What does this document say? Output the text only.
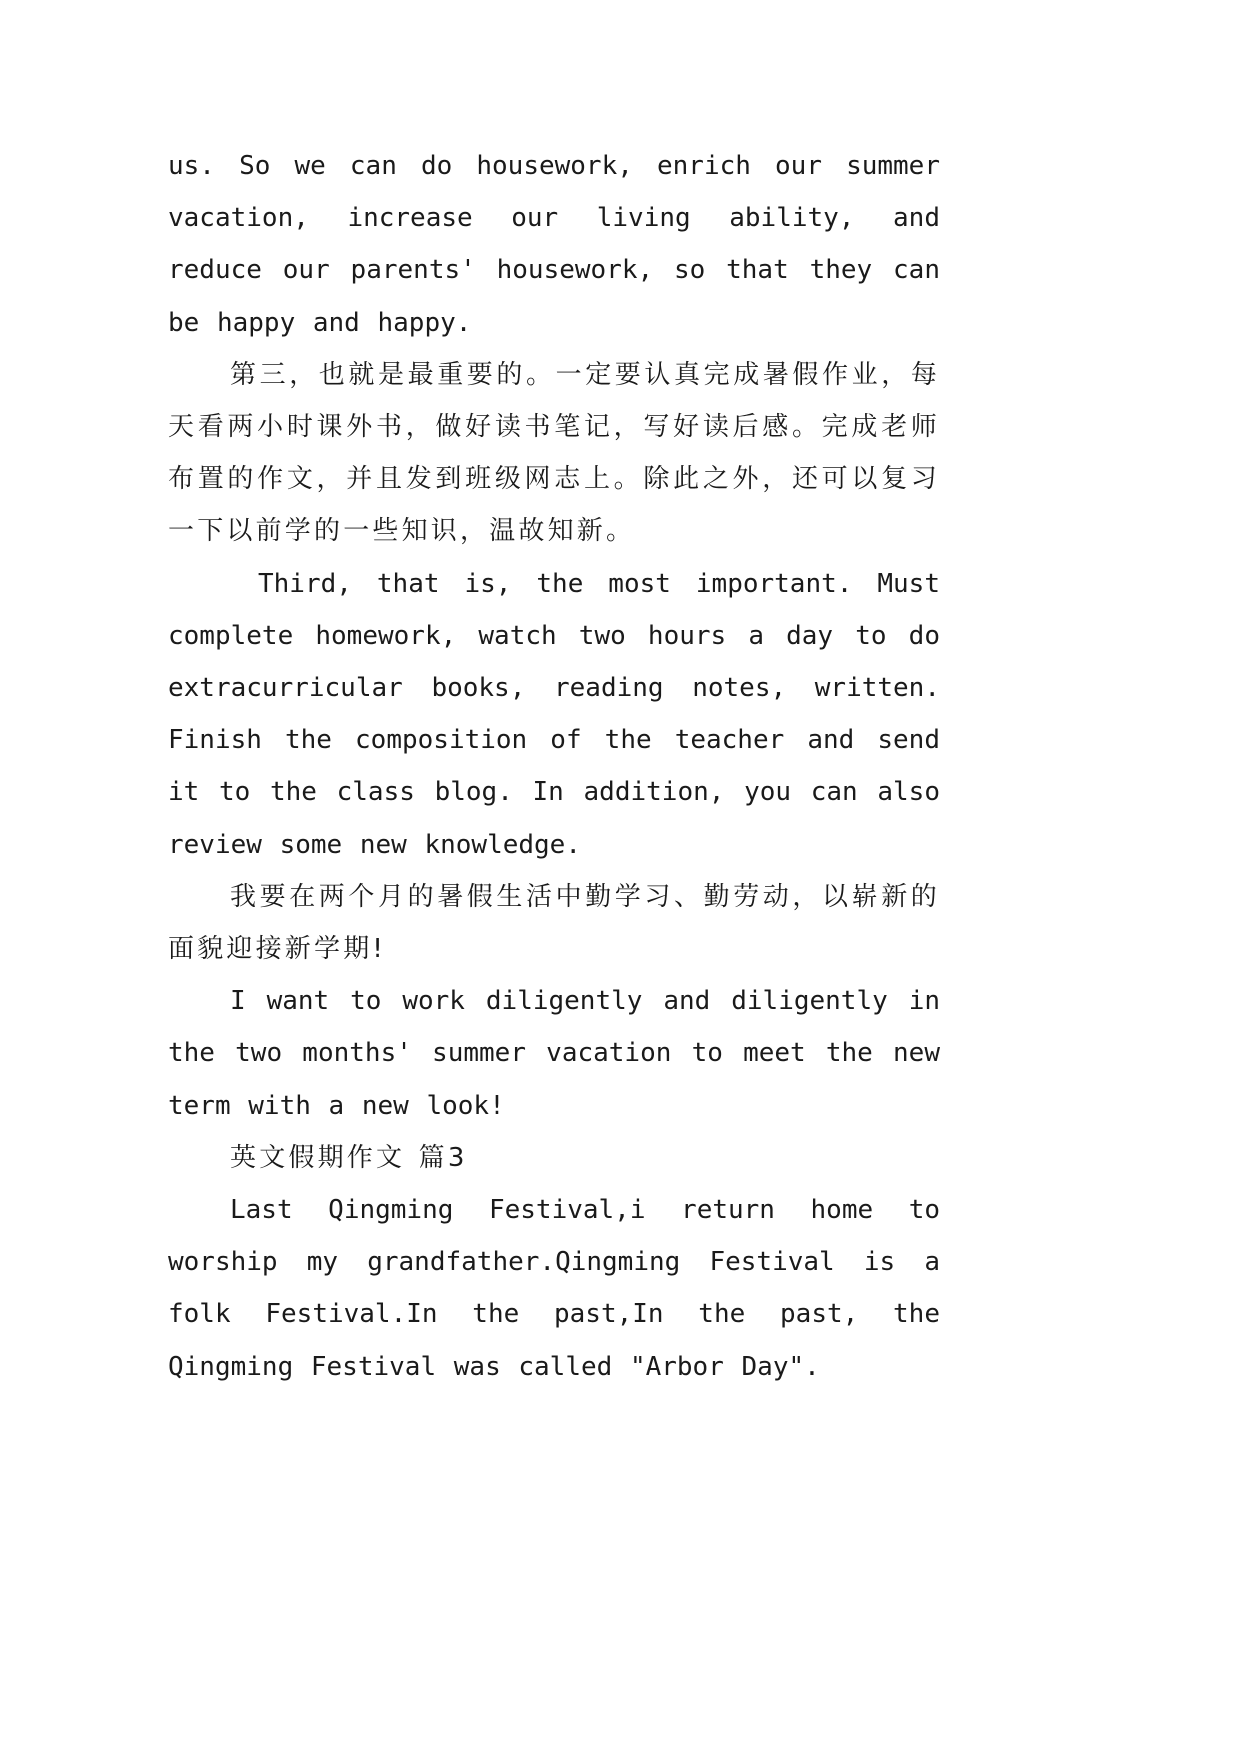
us. So we can do housework, enrich our summer vacation, increase our living ability, and reduce our parents' housework, so that they can be happy and happy.

第三，也就是最重要的。一定要认真完成暑假作业，每天看两小时课外书，做好读书笔记，写好读后感。完成老师布置的作文，并且发到班级网志上。除此之外，还可以复习一下以前学的一些知识，温故知新。

Third, that is, the most important. Must complete homework, watch two hours a day to do extracurricular books, reading notes, written. Finish the composition of the teacher and send it to the class blog. In addition, you can also review some new knowledge.

我要在两个月的暑假生活中勤学习、勤劳动，以崭新的面貌迎接新学期!

I want to work diligently and diligently in the two months' summer vacation to meet the new term with a new look!

英文假期作文 篇3

Last Qingming Festival,i return home to worship my grandfather.Qingming Festival is a folk Festival.In the past,In the past, the Qingming Festival was called "Arbor Day".
